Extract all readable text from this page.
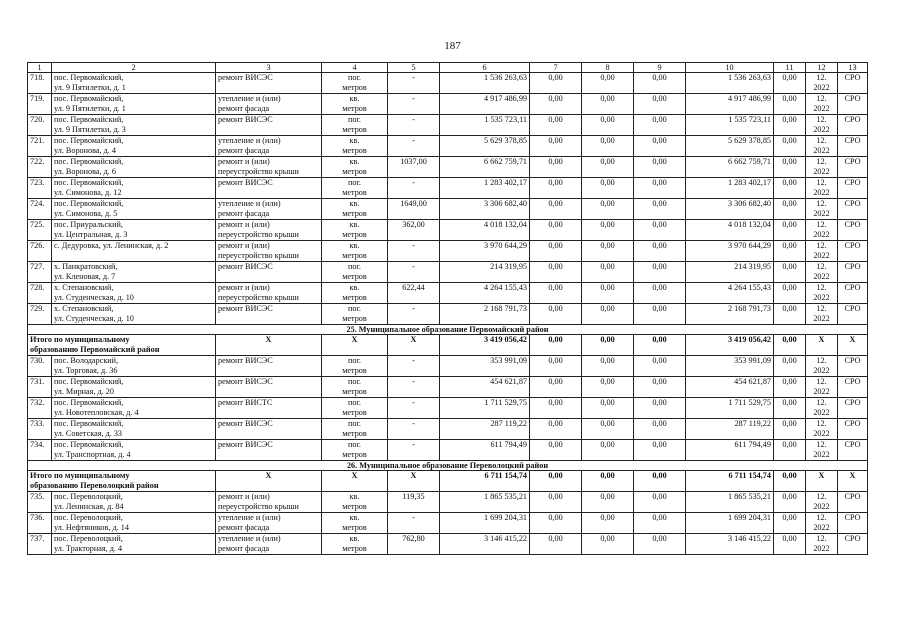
187
1	2	3	4	5	6	7	8	9	10	11	12	13

718.	пос. Первомайский,
ул. 9 Пятилетки, д. 1	ремонт ВИСЭС	пог.
метров	-	1 536 263,63	0,00	0,00	0,00	1 536 263,63	0,00	12.
2022	СРО

719.	пос. Первомайский,
ул. 9 Пятилетки, д. 1	утепление и (или)
ремонт фасада	кв.
метров	-	4 917 486,99	0,00	0,00	0,00	4 917 486,99	0,00	12.
2022	СРО

720.	пос. Первомайский,
ул. 9 Пятилетки, д. 3	ремонт ВИСЭС	пог.
метров	-	1 535 723,11	0,00	0,00	0,00	1 535 723,11	0,00	12.
2022	СРО

721.	пос. Первомайский,
ул. Воронова, д. 4	утепление и (или)
ремонт фасада	кв.
метров	-	5 629 378,85	0,00	0,00	0,00	5 629 378,85	0,00	12.
2022	СРО

722.	пос. Первомайский,
ул. Воронова, д. 6	ремонт и (или)
переустройство крыши	кв.
метров	1037,00	6 662 759,71	0,00	0,00	0,00	6 662 759,71	0,00	12.
2022	СРО

723.	пос. Первомайский,
ул. Симонова, д. 12	ремонт ВИСЭС	пог.
метров	-	1 283 402,17	0,00	0,00	0,00	1 283 402,17	0,00	12.
2022	СРО

724.	пос. Первомайский,
ул. Симонова, д. 5	утепление и (или)
ремонт фасада	кв.
метров	1649,00	3 306 682,40	0,00	0,00	0,00	3 306 682,40	0,00	12.
2022	СРО

725.	пос. Приуральский,
ул. Центральная, д. 3	ремонт и (или)
переустройство крыши	кв.
метров	362,00	4 018 132,04	0,00	0,00	0,00	4 018 132,04	0,00	12.
2022	СРО

726.	с. Дедуровка, ул. Ленинская, д. 2	ремонт и (или)
переустройство крыши	кв.
метров	-	3 970 644,29	0,00	0,00	0,00	3 970 644,29	0,00	12.
2022	СРО

727.	х. Панкратовский,
ул. Кленовая, д. 7	ремонт ВИСЭС	пог.
метров	-	214 319,95	0,00	0,00	0,00	214 319,95	0,00	12.
2022	СРО

728.	х. Степановский,
ул. Студенческая, д. 10	ремонт и (или)
переустройство крыши	кв.
метров	622,44	4 264 155,43	0,00	0,00	0,00	4 264 155,43	0,00	12.
2022	СРО

729.	х. Степановский,
ул. Студенческая, д. 10	ремонт ВИСЭС	пог.
метров	-	2 168 791,73	0,00	0,00	0,00	2 168 791,73	0,00	12.
2022	СРО

25. Муниципальное образование Первомайский район												

Итого по муниципальному
образованию Первомайский район		X	X	X	3 419 056,42	0,00	0,00	0,00	3 419 056,42	0,00	X	X

730.	пос. Володарский,
ул. Торговая, д. 36	ремонт ВИСЭС	пог.
метров	-	353 991,09	0,00	0,00	0,00	353 991,09	0,00	12.
2022	СРО

731.	пос. Первомайский,
ул. Мирная, д. 20	ремонт ВИСЭС	пог.
метров	-	454 621,87	0,00	0,00	0,00	454 621,87	0,00	12.
2022	СРО

732.	пос. Первомайский,
ул. Новотепловская, д. 4	ремонт ВИСТС	пог.
метров	-	1 711 529,75	0,00	0,00	0,00	1 711 529,75	0,00	12.
2022	СРО

733.	пос. Первомайский,
ул. Советская, д. 33	ремонт ВИСЭС	пог.
метров	-	287 119,22	0,00	0,00	0,00	287 119,22	0,00	12.
2022	СРО

734.	пос. Первомайский,
ул. Транспортная, д. 4	ремонт ВИСЭС	пог.
метров	-	611 794,49	0,00	0,00	0,00	611 794,49	0,00	12.
2022	СРО

26. Муниципальное образование Переволоцкий район												

Итого по муниципальному
образованию Переволоцкий район		X	X	X	6 711 154,74	0,00	0,00	0,00	6 711 154,74	0,00	X	X

735.	пос. Переволоцкий,
ул. Ленинская, д. 84	ремонт и (или)
переустройство крыши	кв.
метров	119,35	1 865 535,21	0,00	0,00	0,00	1 865 535,21	0,00	12.
2022	СРО

736.	пос. Переволоцкий,
ул. Нефтяников, д. 14	утепление и (или)
ремонт фасада	кв.
метров	-	1 699 204,31	0,00	0,00	0,00	1 699 204,31	0,00	12.
2022	СРО

737.	пос. Переволоцкий,
ул. Тракторная, д. 4	утепление и (или)
ремонт фасада	кв.
метров	762,80	3 146 415,22	0,00	0,00	0,00	3 146 415,22	0,00	12.
2022	СРО
